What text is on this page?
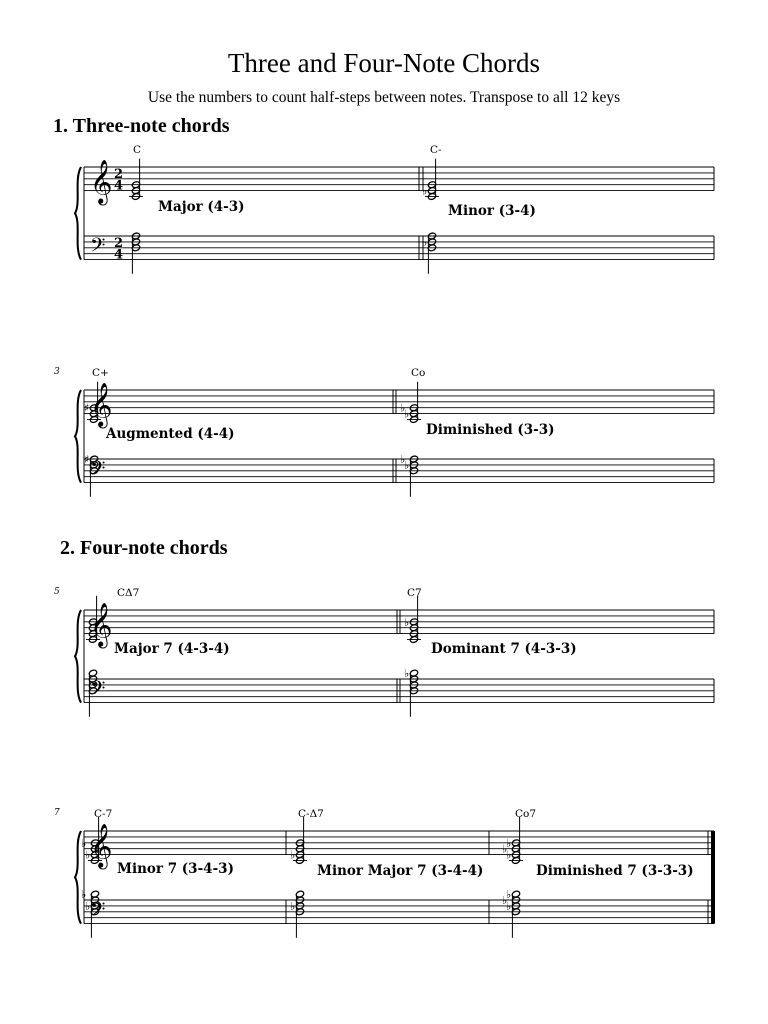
Three and Four-Note Chords
Use the numbers to count half-steps between notes. Transpose to all 12 keys
1. Three-note chords
2. Four-note chords
𝄞
𝄢
2
4
2
4
C
Major (4-3)
C-
Minor (3-4)
♭
♭
𝄞
𝄢
3	C+
Augmented (4-4)
♯
♯
Co
Diminished (3-3)
♭
♭
♭
♭
𝄞
𝄢
5	CΔ7
Major 7 (4-3-4)
C7
Dominant 7 (4-3-3)
♭
♭
𝄞
𝄢
7	C-7
Minor 7 (3-4-3)
♭
♭
♭
♭
C-Δ7
Minor Major 7 (3-4-4)
♭
♭
Co7
Diminished 7 (3-3-3)
♭
♭
♭
♭
♭
♭
